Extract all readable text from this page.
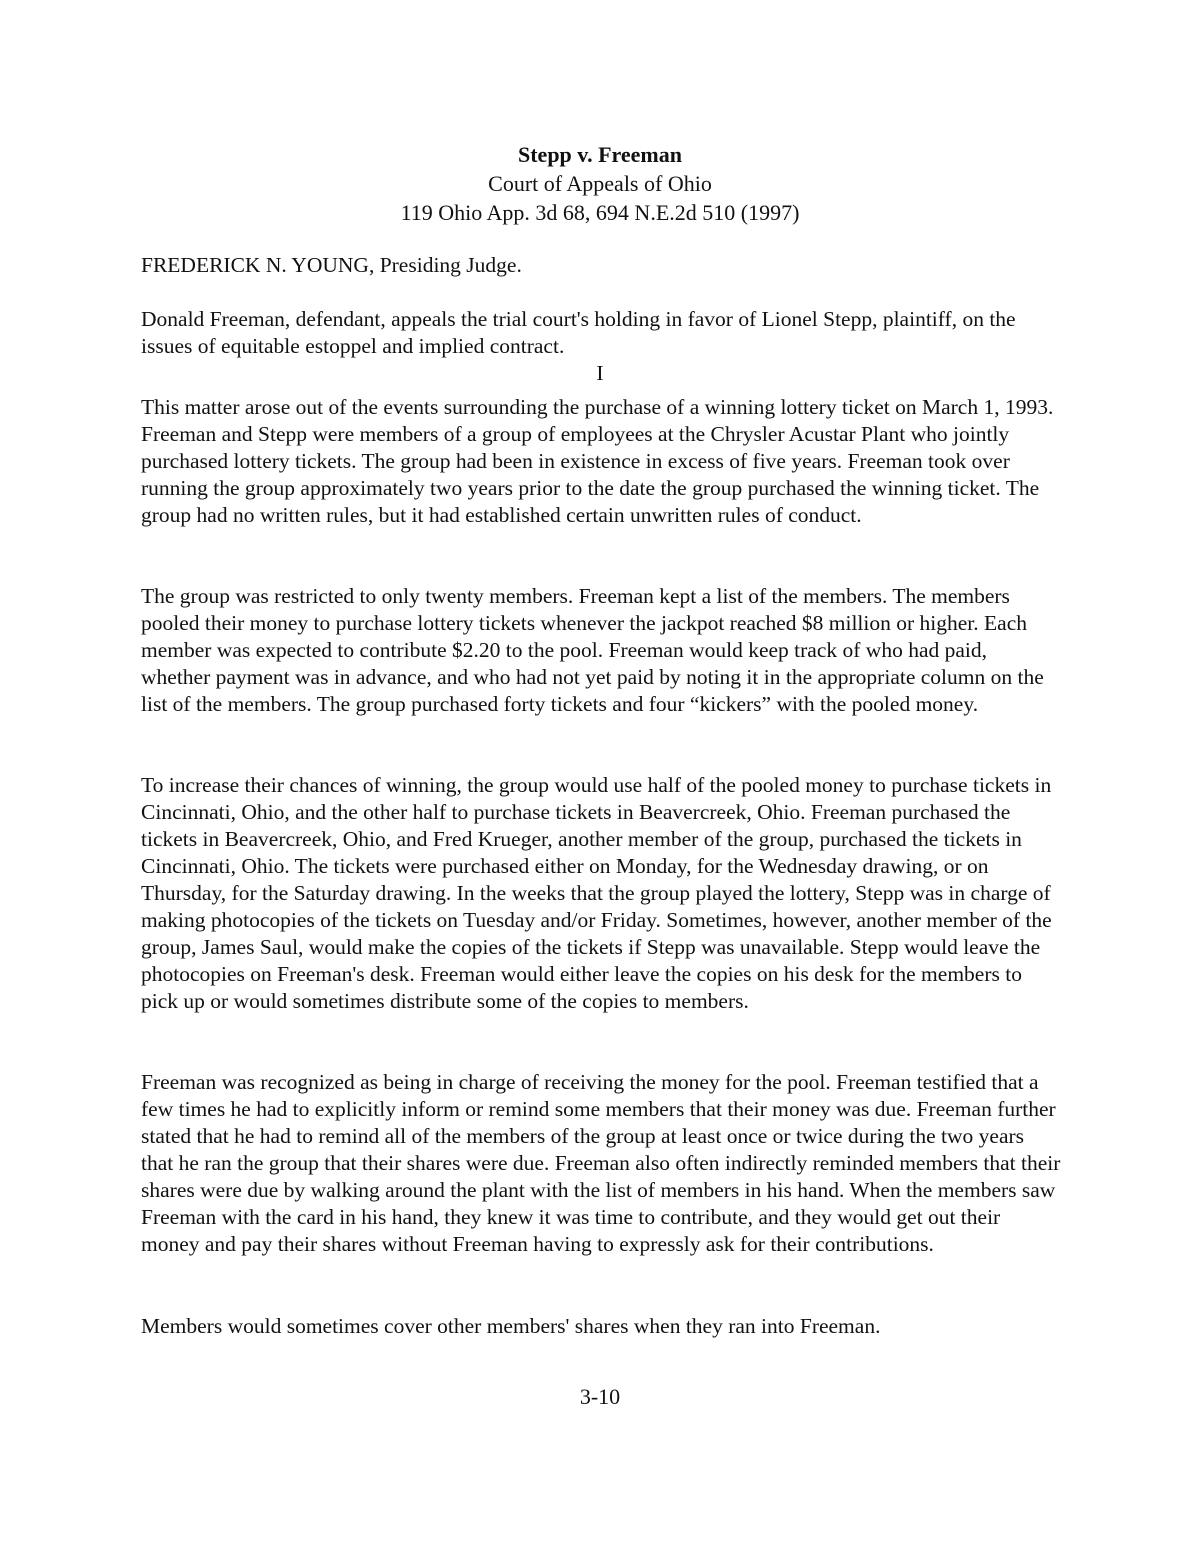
Stepp v. Freeman
Court of Appeals of Ohio
119 Ohio App. 3d 68, 694 N.E.2d 510 (1997)
FREDERICK N. YOUNG, Presiding Judge.
Donald Freeman, defendant, appeals the trial court's holding in favor of Lionel Stepp, plaintiff, on the issues of equitable estoppel and implied contract.
I
This matter arose out of the events surrounding the purchase of a winning lottery ticket on March 1, 1993. Freeman and Stepp were members of a group of employees at the Chrysler Acustar Plant who jointly purchased lottery tickets. The group had been in existence in excess of five years. Freeman took over running the group approximately two years prior to the date the group purchased the winning ticket. The group had no written rules, but it had established certain unwritten rules of conduct.
The group was restricted to only twenty members. Freeman kept a list of the members. The members pooled their money to purchase lottery tickets whenever the jackpot reached $8 million or higher. Each member was expected to contribute $2.20 to the pool. Freeman would keep track of who had paid, whether payment was in advance, and who had not yet paid by noting it in the appropriate column on the list of the members. The group purchased forty tickets and four “kickers” with the pooled money.
To increase their chances of winning, the group would use half of the pooled money to purchase tickets in Cincinnati, Ohio, and the other half to purchase tickets in Beavercreek, Ohio. Freeman purchased the tickets in Beavercreek, Ohio, and Fred Krueger, another member of the group, purchased the tickets in Cincinnati, Ohio. The tickets were purchased either on Monday, for the Wednesday drawing, or on Thursday, for the Saturday drawing. In the weeks that the group played the lottery, Stepp was in charge of making photocopies of the tickets on Tuesday and/or Friday. Sometimes, however, another member of the group, James Saul, would make the copies of the tickets if Stepp was unavailable. Stepp would leave the photocopies on Freeman's desk. Freeman would either leave the copies on his desk for the members to pick up or would sometimes distribute some of the copies to members.
Freeman was recognized as being in charge of receiving the money for the pool. Freeman testified that a few times he had to explicitly inform or remind some members that their money was due. Freeman further stated that he had to remind all of the members of the group at least once or twice during the two years that he ran the group that their shares were due. Freeman also often indirectly reminded members that their shares were due by walking around the plant with the list of members in his hand. When the members saw Freeman with the card in his hand, they knew it was time to contribute, and they would get out their money and pay their shares without Freeman having to expressly ask for their contributions.
Members would sometimes cover other members' shares when they ran into Freeman.
3-10
